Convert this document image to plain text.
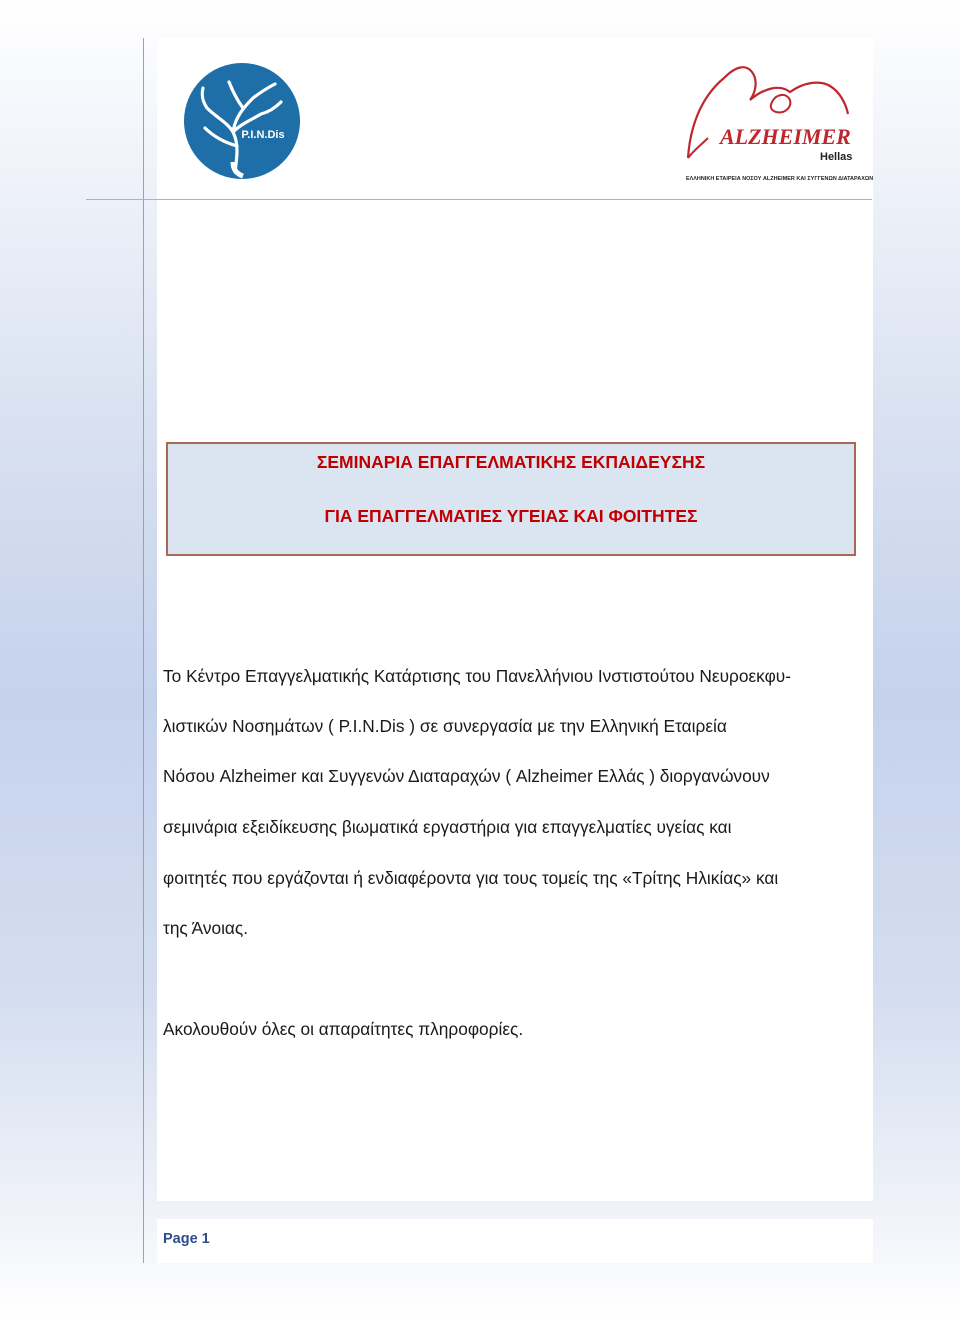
P.I.N.Dis	ALZHEIMER
Hellas
ΕΛΛΗΝΙΚΗ ΕΤΑΙΡΕΙΑ ΝΟΣΟΥ ALZHEIMER ΚΑΙ ΣΥΓΓΕΝΩΝ ΔΙΑΤΑΡΑΧΩΝ
ΣΕΜΙΝΑΡΙΑ ΕΠΑΓΓΕΛΜΑΤΙΚΗΣ ΕΚΠΑΙΔΕΥΣΗΣ
ΓΙΑ ΕΠΑΓΓΕΛΜΑΤΙΕΣ ΥΓΕΙΑΣ ΚΑΙ ΦΟΙΤΗΤΕΣ
Το Κέντρο Επαγγελματικής Κατάρτισης του Πανελλήνιου Ινστιστούτου Νευροεκφυ-
λιστικών Νοσημάτων ( P.I.N.Dis ) σε συνεργασία με την Ελληνική Εταιρεία
Νόσου Alzheimer και Συγγενών Διαταραχών ( Alzheimer Ελλάς ) διοργανώνουν
σεμινάρια εξειδίκευσης βιωματικά εργαστήρια για επαγγελματίες υγείας και
φοιτητές που εργάζονται ή ενδιαφέροντα για τους τομείς της «Τρίτης Ηλικίας» και
της Άνοιας.
Ακολουθούν όλες οι απαραίτητες πληροφορίες.
Page 1
